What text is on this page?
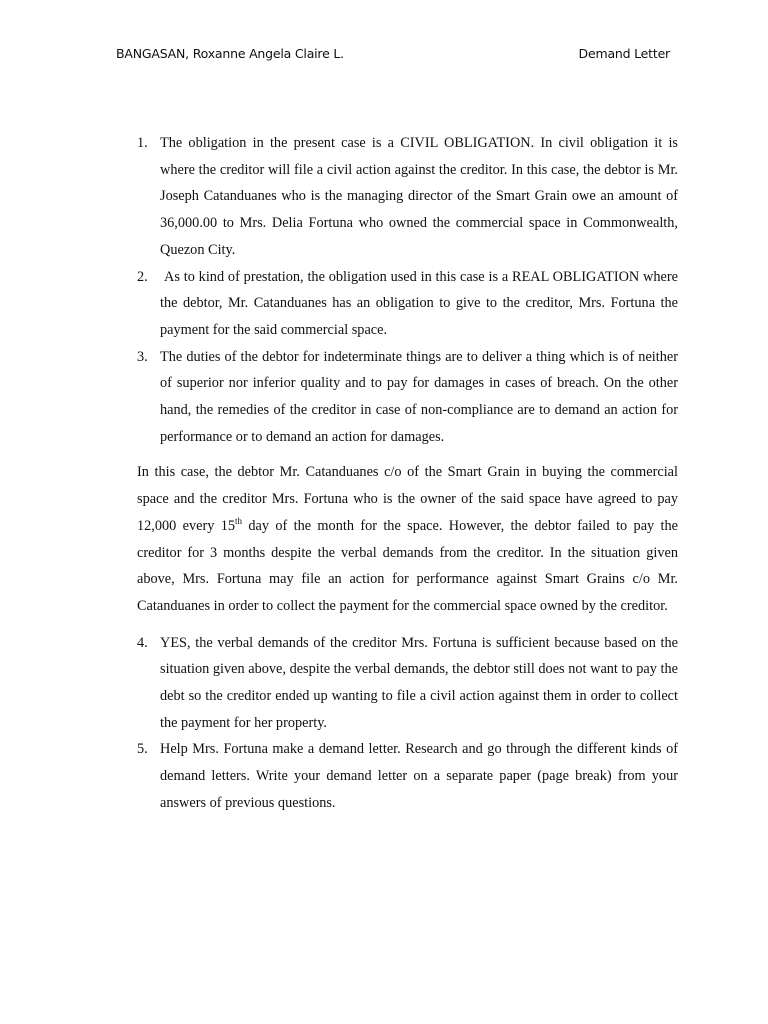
BANGASAN, Roxanne Angela Claire L.	Demand Letter
1. The obligation in the present case is a CIVIL OBLIGATION. In civil obligation it is where the creditor will file a civil action against the creditor. In this case, the debtor is Mr. Joseph Catanduanes who is the managing director of the Smart Grain owe an amount of 36,000.00 to Mrs. Delia Fortuna who owned the commercial space in Commonwealth, Quezon City.
2.	As to kind of prestation, the obligation used in this case is a REAL OBLIGATION where the debtor, Mr. Catanduanes has an obligation to give to the creditor, Mrs. Fortuna the payment for the said commercial space.
3. The duties of the debtor for indeterminate things are to deliver a thing which is of neither of superior nor inferior quality and to pay for damages in cases of breach. On the other hand, the remedies of the creditor in case of non-compliance are to demand an action for performance or to demand an action for damages.

In this case, the debtor Mr. Catanduanes c/o of the Smart Grain in buying the commercial space and the creditor Mrs. Fortuna who is the owner of the said space have agreed to pay 12,000 every 15th day of the month for the space. However, the debtor failed to pay the creditor for 3 months despite the verbal demands from the creditor. In the situation given above, Mrs. Fortuna may file an action for performance against Smart Grains c/o Mr. Catanduanes in order to collect the payment for the commercial space owned by the creditor.

4. YES, the verbal demands of the creditor Mrs. Fortuna is sufficient because based on the situation given above, despite the verbal demands, the debtor still does not want to pay the debt so the creditor ended up wanting to file a civil action against them in order to collect the payment for her property.
5. Help Mrs. Fortuna make a demand letter. Research and go through the different kinds of demand letters. Write your demand letter on a separate paper (page break) from your answers of previous questions.
